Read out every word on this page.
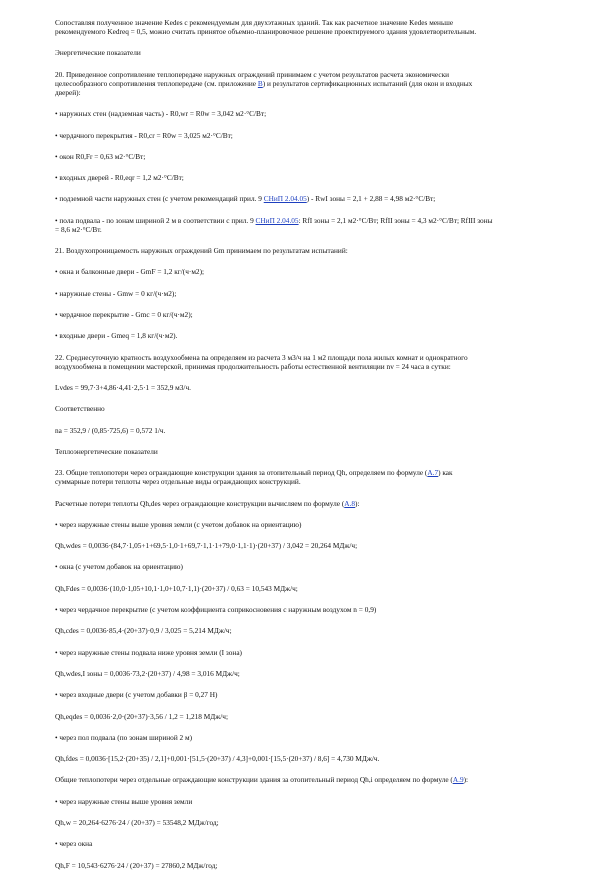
Сопоставляя полученное значение Kedes с рекомендуемым для двухэтажных зданий. Так как расчетное значение Kedes меньше

рекомендуемого Kedreq = 0,5, можно считать принятое объемно-планировочное решение проектируемого здания удовлетворительным.

Энергетические показатели

20. Приведенное сопротивление теплопередаче наружных ограждений принимаем с учетом результатов расчета экономически

целесообразного сопротивления теплопередаче (см. приложение В) и результатов сертификационных испытаний (для окон и входных

дверей):

• наружных стен (надземная часть) - R0,wr = R0w = 3,042 м2·°С/Вт;

• чердачного перекрытия - R0,cr = R0w = 3,025 м2·°С/Вт;

• окон R0,Fr = 0,63 м2·°С/Вт;

• входных дверей - R0,eqr = 1,2 м2·°С/Вт;

• подземной части наружных стен (с учетом рекомендаций прил. 9 СНиП 2.04.05) - RwI зоны = 2,1 + 2,88 = 4,98 м2·°С/Вт;

• пола подвала - по зонам шириной 2 м в соответствии с прил. 9 СНиП 2.04.05: RfI зоны = 2,1 м2·°С/Вт; RfII зоны = 4,3 м2·°С/Вт; RfIII зоны

= 8,6 м2·°С/Вт.

21. Воздухопроницаемость наружных ограждений Gm принимаем по результатам испытаний:

• окна и балконные двери - GmF = 1,2 кг/(ч·м2);

• наружные стены - Gmw = 0 кг/(ч·м2);

• чердачное перекрытие - Gmc = 0 кг/(ч·м2);

• входные двери - Gmeq = 1,8 кг/(ч·м2).

22. Среднесуточную кратность воздухообмена na определяем из расчета 3 м3/ч на 1 м2 площади пола жилых комнат и однократного

воздухообмена в помещении мастерской, принимая продолжительность работы естественной вентиляции nv = 24 часа в сутки:

Lvdes = 99,7·3+4,86·4,41·2,5·1 = 352,9 м3/ч.

Соответственно

na = 352,9 / (0,85·725,6) = 0,572 1/ч.

Теплоэнергетические показатели

23. Общие теплопотери через ограждающие конструкции здания за отопительный период Qh, определяем по формуле (А.7) как

суммарные потери теплоты через отдельные виды ограждающих конструкций.

Расчетные потери теплоты Qh,des через ограждающие конструкции вычисляем по формуле (А.8):

• через наружные стены выше уровня земли (с учетом добавок на ориентацию)

Qh,wdes = 0,0036·(84,7·1,05+1+69,5·1,0·1+69,7·1,1·1+79,0·1,1·1)·(20+37) / 3,042 = 20,264 МДж/ч;

• окна (с учетом добавок на ориентацию)

Qh,Fdes = 0,0036·(10,0·1,05+10,1·1,0+10,7·1,1)·(20+37) / 0,63 = 10,543 МДж/ч;

• через чердачное перекрытие (с учетом коэффициента соприкосновения с наружным воздухом n = 0,9)

Qh,cdes = 0,0036·85,4·(20+37)·0,9 / 3,025 = 5,214 МДж/ч;

• через наружные стены подвала ниже уровня земли (I зона)

Qh,wdes,I зоны = 0,0036·73,2·(20+37) / 4,98 = 3,016 МДж/ч;

• через входные двери (с учетом добавки β = 0,27 H)

Qh,eqdes = 0,0036·2,0·(20+37)·3,56 / 1,2 = 1,218 МДж/ч;

• через пол подвала (по зонам шириной 2 м)

Qh,fdes = 0,0036·[15,2·(20+35) / 2,1]+0,001·[51,5·(20+37) / 4,3]+0,001·[15,5·(20+37) / 8,6] = 4,730 МДж/ч.

Общие теплопотери через отдельные ограждающие конструкции здания за отопительный период Qh,i определяем по формуле (А.9):

• через наружные стены выше уровня земли

Qh,w = 20,264·6276·24 / (20+37) = 53548,2 МДж/год;

• через окна

Qh,F = 10,543·6276·24 / (20+37) = 27860,2 МДж/год;
